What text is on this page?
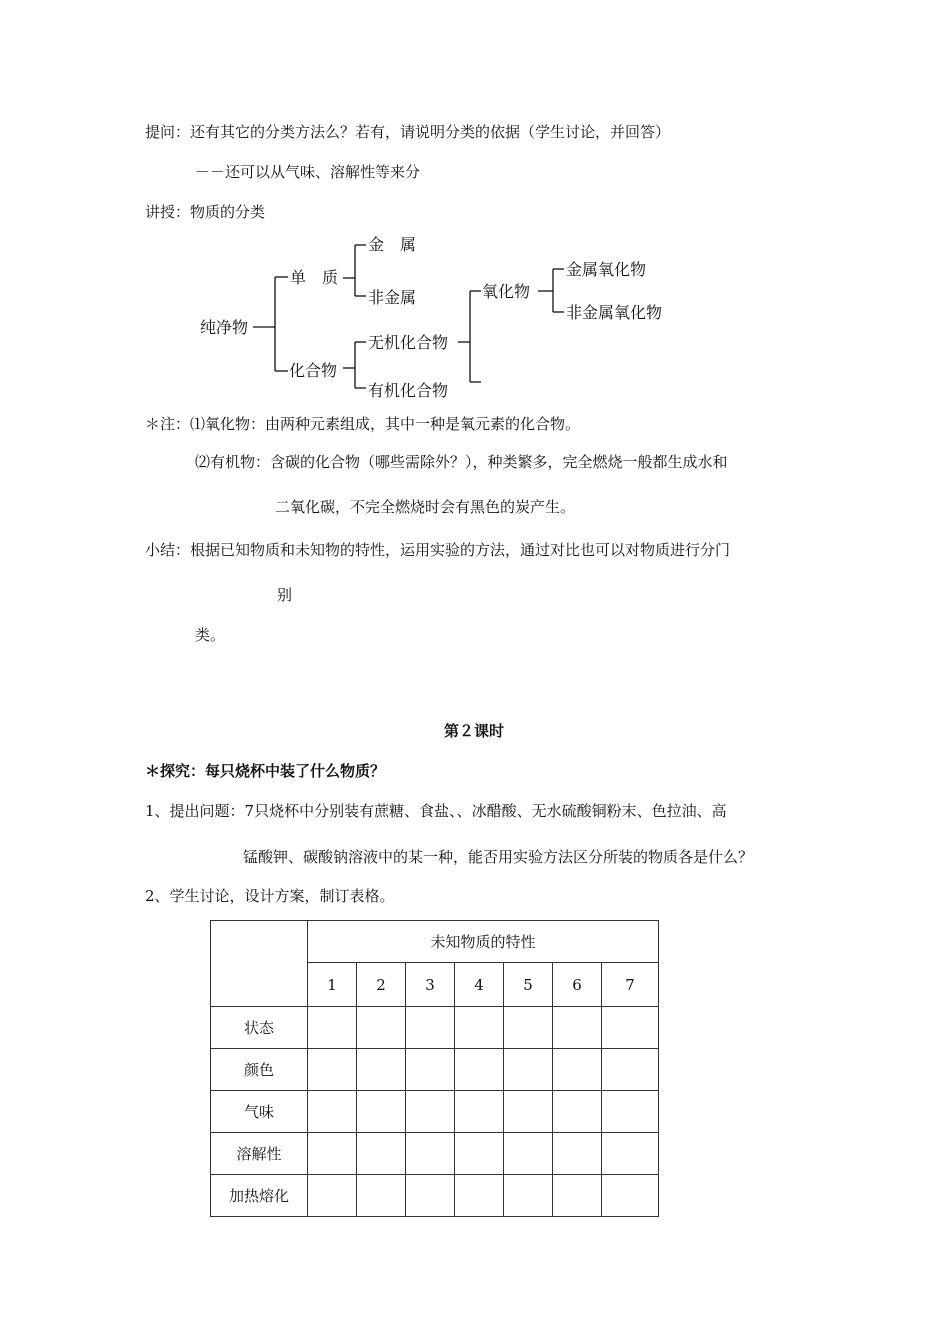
提问：还有其它的分类方法么？若有，请说明分类的依据（学生讨论，并回答）
－－还可以从气味、溶解性等来分
讲授：物质的分类
纯净物
单　质
金　属
非金属
化合物
无机化合物
有机化合物
氧化物
金属氧化物
非金属氧化物
＊注：⑴氧化物：由两种元素组成，其中一种是氧元素的化合物。
⑵有机物：含碳的化合物（哪些需除外？），种类繁多，完全燃烧一般都生成水和
二氧化碳，不完全燃烧时会有黑色的炭产生。
小结：根据已知物质和未知物的特性，运用实验的方法，通过对比也可以对物质进行分门
别
类。
第２课时
＊探究：每只烧杯中装了什么物质？
1、提出问题：7只烧杯中分别装有蔗糖、食盐、、冰醋酸、无水硫酸铜粉末、色拉油、高
锰酸钾、碳酸钠溶液中的某一种，能否用实验方法区分所装的物质各是什么？
2、学生讨论，设计方案，制订表格。
	未知物质的特性						
	1	2	3	4	5	6	7
状态							
颜色							
气味							
溶解性							
加热熔化							
